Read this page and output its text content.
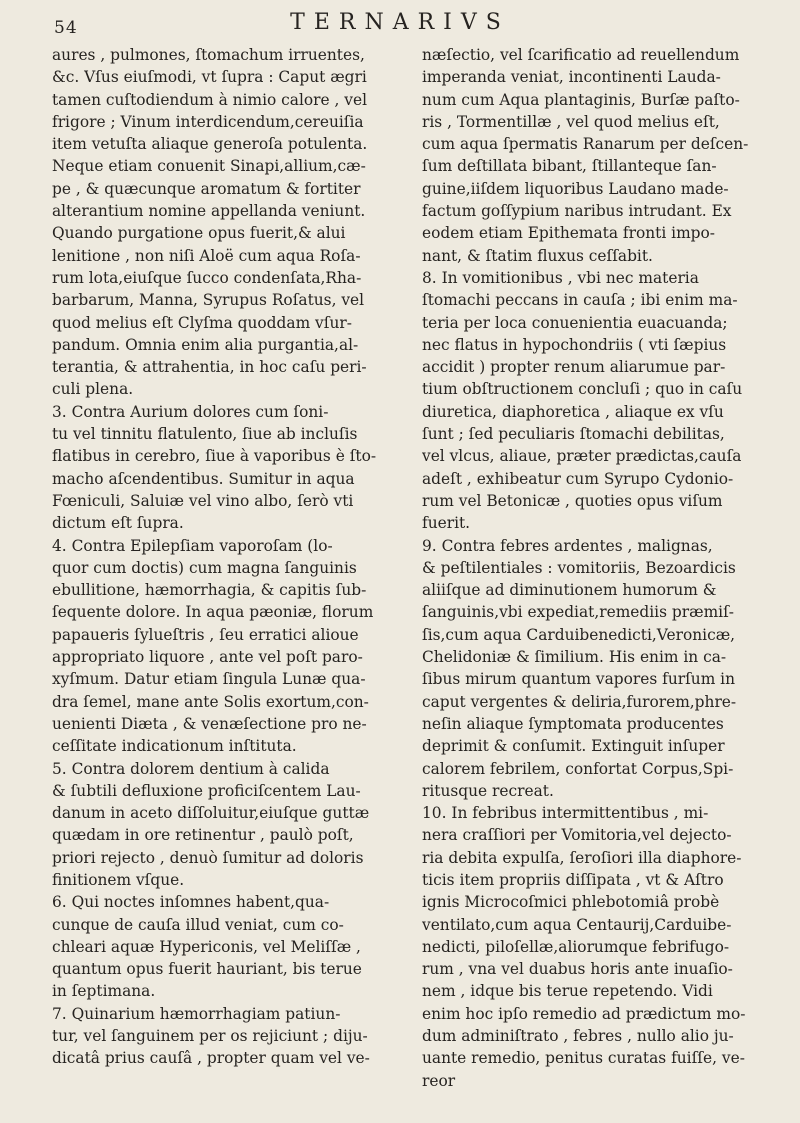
54	TERNARIVS
aures , pulmones, ſtomachum irruentes,
&c. Vſus eiuſmodi, vt ſupra : Caput ægri
tamen cuſtodiendum à nimio calore , vel
frigore ; Vinum interdicendum,cereuiſia
item vetuſta aliaque generoſa potulenta.
Neque etiam conuenit Sinapi,allium,cæ-
pe , & quæcunque aromatum & fortiter
alterantium nomine appellanda veniunt.
Quando purgatione opus fuerit,& alui
lenitione , non niſi Aloë cum aqua Roſa-
rum lota,eiuſque ſucco condenſata,Rha-
barbarum, Manna, Syrupus Roſatus, vel
quod melius eſt Clyſma quoddam vſur-
pandum. Omnia enim alia purgantia,al-
terantia, & attrahentia, in hoc caſu peri-
culi plena.
3. Contra Aurium dolores cum ſoni-
tu vel tinnitu flatulento, ſiue ab incluſis
flatibus in cerebro, ſiue à vaporibus è ſto-
macho aſcendentibus. Sumitur in aqua
Fœniculi, Saluiæ vel vino albo, ſerò vti
dictum eſt ſupra.
4. Contra Epilepſiam vaporoſam (lo-
quor cum doctis) cum magna ſanguinis
ebullitione, hæmorrhagia, & capitis ſub-
ſequente dolore. In aqua pæoniæ, florum
papaueris ſylueſtris , ſeu erratici alioue
appropriato liquore , ante vel poſt paro-
xyſmum. Datur etiam ſingula Lunæ qua-
dra ſemel, mane ante Solis exortum,con-
uenienti Diæta , & venæſectione pro ne-
ceſſitate indicationum inſtituta.
5. Contra dolorem dentium à calida
& ſubtili defluxione proficiſcentem Lau-
danum in aceto diſſoluitur,eiuſque guttæ
quædam in ore retinentur , paulò poſt,
priori rejecto , denuò ſumitur ad doloris
finitionem vſque.
6. Qui noctes inſomnes habent,qua-
cunque de cauſa illud veniat, cum co-
chleari aquæ Hypericonis, vel Meliſſæ ,
quantum opus fuerit hauriant, bis terue
in ſeptimana.
7. Quinarium hæmorrhagiam patiun-
tur, vel ſanguinem per os rejiciunt ; diju-
dicatâ prius cauſâ , propter quam vel ve-
næſectio, vel ſcarificatio ad reuellendum
imperanda veniat, incontinenti Lauda-
num cum Aqua plantaginis, Burſæ paſto-
ris , Tormentillæ , vel quod melius eſt,
cum aqua ſpermatis Ranarum per deſcen-
ſum deſtillata bibant, ſtillanteque ſan-
guine,iiſdem liquoribus Laudano made-
factum goſſypium naribus intrudant. Ex
eodem etiam Epithemata fronti impo-
nant, & ſtatim fluxus ceſſabit.
8. In vomitionibus , vbi nec materia
ſtomachi peccans in cauſa ; ibi enim ma-
teria per loca conuenientia euacuanda;
nec flatus in hypochondriis ( vti ſæpius
accidit ) propter renum aliarumue par-
tium obſtructionem concluſi ; quo in caſu
diuretica, diaphoretica , aliaque ex vſu
ſunt ; ſed peculiaris ſtomachi debilitas,
vel vlcus, aliaue, præter prædictas,cauſa
adeſt , exhibeatur cum Syrupo Cydonio-
rum vel Betonicæ , quoties opus viſum
fuerit.
9. Contra febres ardentes , malignas,
& peſtilentiales : vomitoriis, Bezoardicis
aliiſque ad diminutionem humorum &
ſanguinis,vbi expediat,remediis præmiſ-
ſis,cum aqua Carduibenedicti,Veronicæ,
Chelidoniæ & ſimilium. His enim in ca-
ſibus mirum quantum vapores furſum in
caput vergentes & deliria,furorem,phre-
neſin aliaque ſymptomata producentes
deprimit & conſumit. Extinguit inſuper
calorem febrilem, confortat Corpus,Spi-
ritusque recreat.
10. In febribus intermittentibus , mi-
nera craſſiori per Vomitoria,vel dejecto-
ria debita expulſa, ſeroſiori illa diaphore-
ticis item propriis diſſipata , vt & Aſtro
ignis Microcoſmici phlebotomiâ probè
ventilato,cum aqua Centaurij,Carduibe-
nedicti, piloſellæ,aliorumque febrifugo-
rum , vna vel duabus horis ante inuaſio-
nem , idque bis terue repetendo. Vidi
enim hoc ipſo remedio ad prædictum mo-
dum adminiſtrato , febres , nullo alio ju-
uante remedio, penitus curatas fuiſſe, ve-
reor
